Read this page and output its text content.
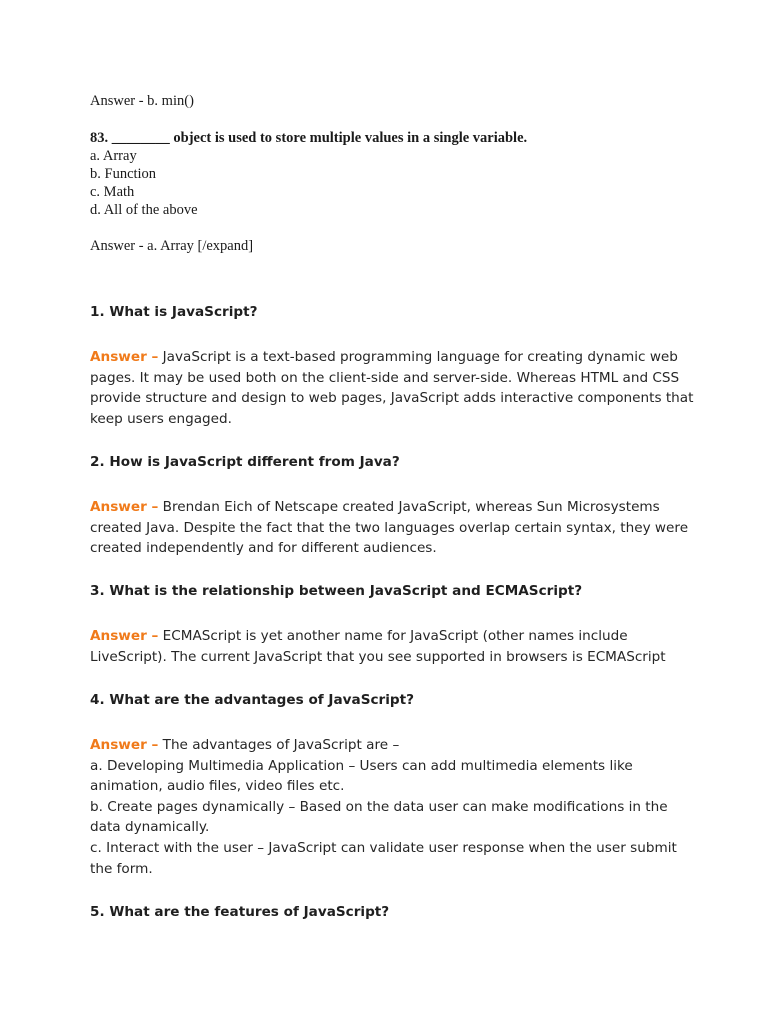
Answer - b. min()
83. ________ object is used to store multiple values in a single variable.
a. Array
b. Function
c. Math
d. All of the above
Answer - a. Array [/expand]
1. What is JavaScript?
Answer – JavaScript is a text-based programming language for creating dynamic web
pages. It may be used both on the client-side and server-side. Whereas HTML and CSS
provide structure and design to web pages, JavaScript adds interactive components that
keep users engaged.
2. How is JavaScript different from Java?
Answer – Brendan Eich of Netscape created JavaScript, whereas Sun Microsystems
created Java. Despite the fact that the two languages overlap certain syntax, they were
created independently and for different audiences.
3. What is the relationship between JavaScript and ECMAScript?
Answer – ECMAScript is yet another name for JavaScript (other names include
LiveScript). The current JavaScript that you see supported in browsers is ECMAScript
4. What are the advantages of JavaScript?
Answer – The advantages of JavaScript are –
a. Developing Multimedia Application – Users can add multimedia elements like
animation, audio files, video files etc.
b. Create pages dynamically – Based on the data user can make modifications in the
data dynamically.
c. Interact with the user – JavaScript can validate user response when the user submit
the form.
5. What are the features of JavaScript?
